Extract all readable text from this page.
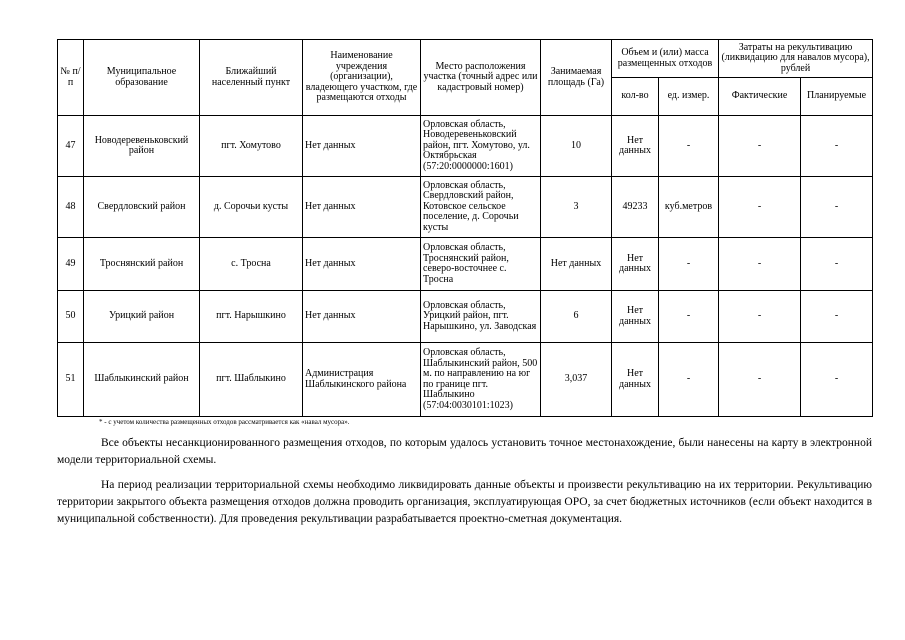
№ п/п	Муниципальное образование	Ближайший населенный пункт	Наименование учреждения (организации), владеющего участком, где размещаются отходы	Место расположения участка (точный адрес или кадастровый номер)	Занимаемая площадь (Га)	Объем и (или) масса размещенных отходов		Затраты на рекультивацию (ликвидацию для навалов мусора), рублей	
						кол-во	ед. измер.	Фактические	Планируемые
47	Новодеревеньковский район	пгт. Хомутово	Нет данных	Орловская область, Новодеревеньковский район, пгт. Хомутово, ул. Октябрьская (57:20:0000000:1601)	10	Нет данных	-	-	-
48	Свердловский район	д. Сорочьи кусты	Нет данных	Орловская область, Свердловский район, Котовское сельское поселение, д. Сорочьи кусты	3	49233	куб.метров	-	-
49	Троснянский район	с. Тросна	Нет данных	Орловская область, Троснянский район, северо-восточнее с. Тросна	Нет данных	Нет данных	-	-	-
50	Урицкий район	пгт. Нарышкино	Нет данных	Орловская область, Урицкий район, пгт. Нарышкино, ул. Заводская	6	Нет данных	-	-	-
51	Шаблыкинский район	пгт. Шаблыкино	Администрация Шаблыкинского района	Орловская область, Шаблыкинский район, 500 м. по направлению на юг по границе пгт. Шаблыкино (57:04:0030101:1023)	3,037	Нет данных	-	-	-
* - с учетом количества размещенных отходов рассматривается как «навал мусора».

Все объекты несанкционированного размещения отходов, по которым удалось установить точное местонахождение, были нанесены на карту в электронной модели территориальной схемы.

На период реализации территориальной схемы необходимо ликвидировать данные объекты и произвести рекультивацию на их территории. Рекультивацию территории закрытого объекта размещения отходов должна проводить организация, эксплуатирующая ОРО, за счет бюджетных источников (если объект находится в муниципальной собственности). Для проведения рекультивации разрабатывается проектно-сметная документация.
